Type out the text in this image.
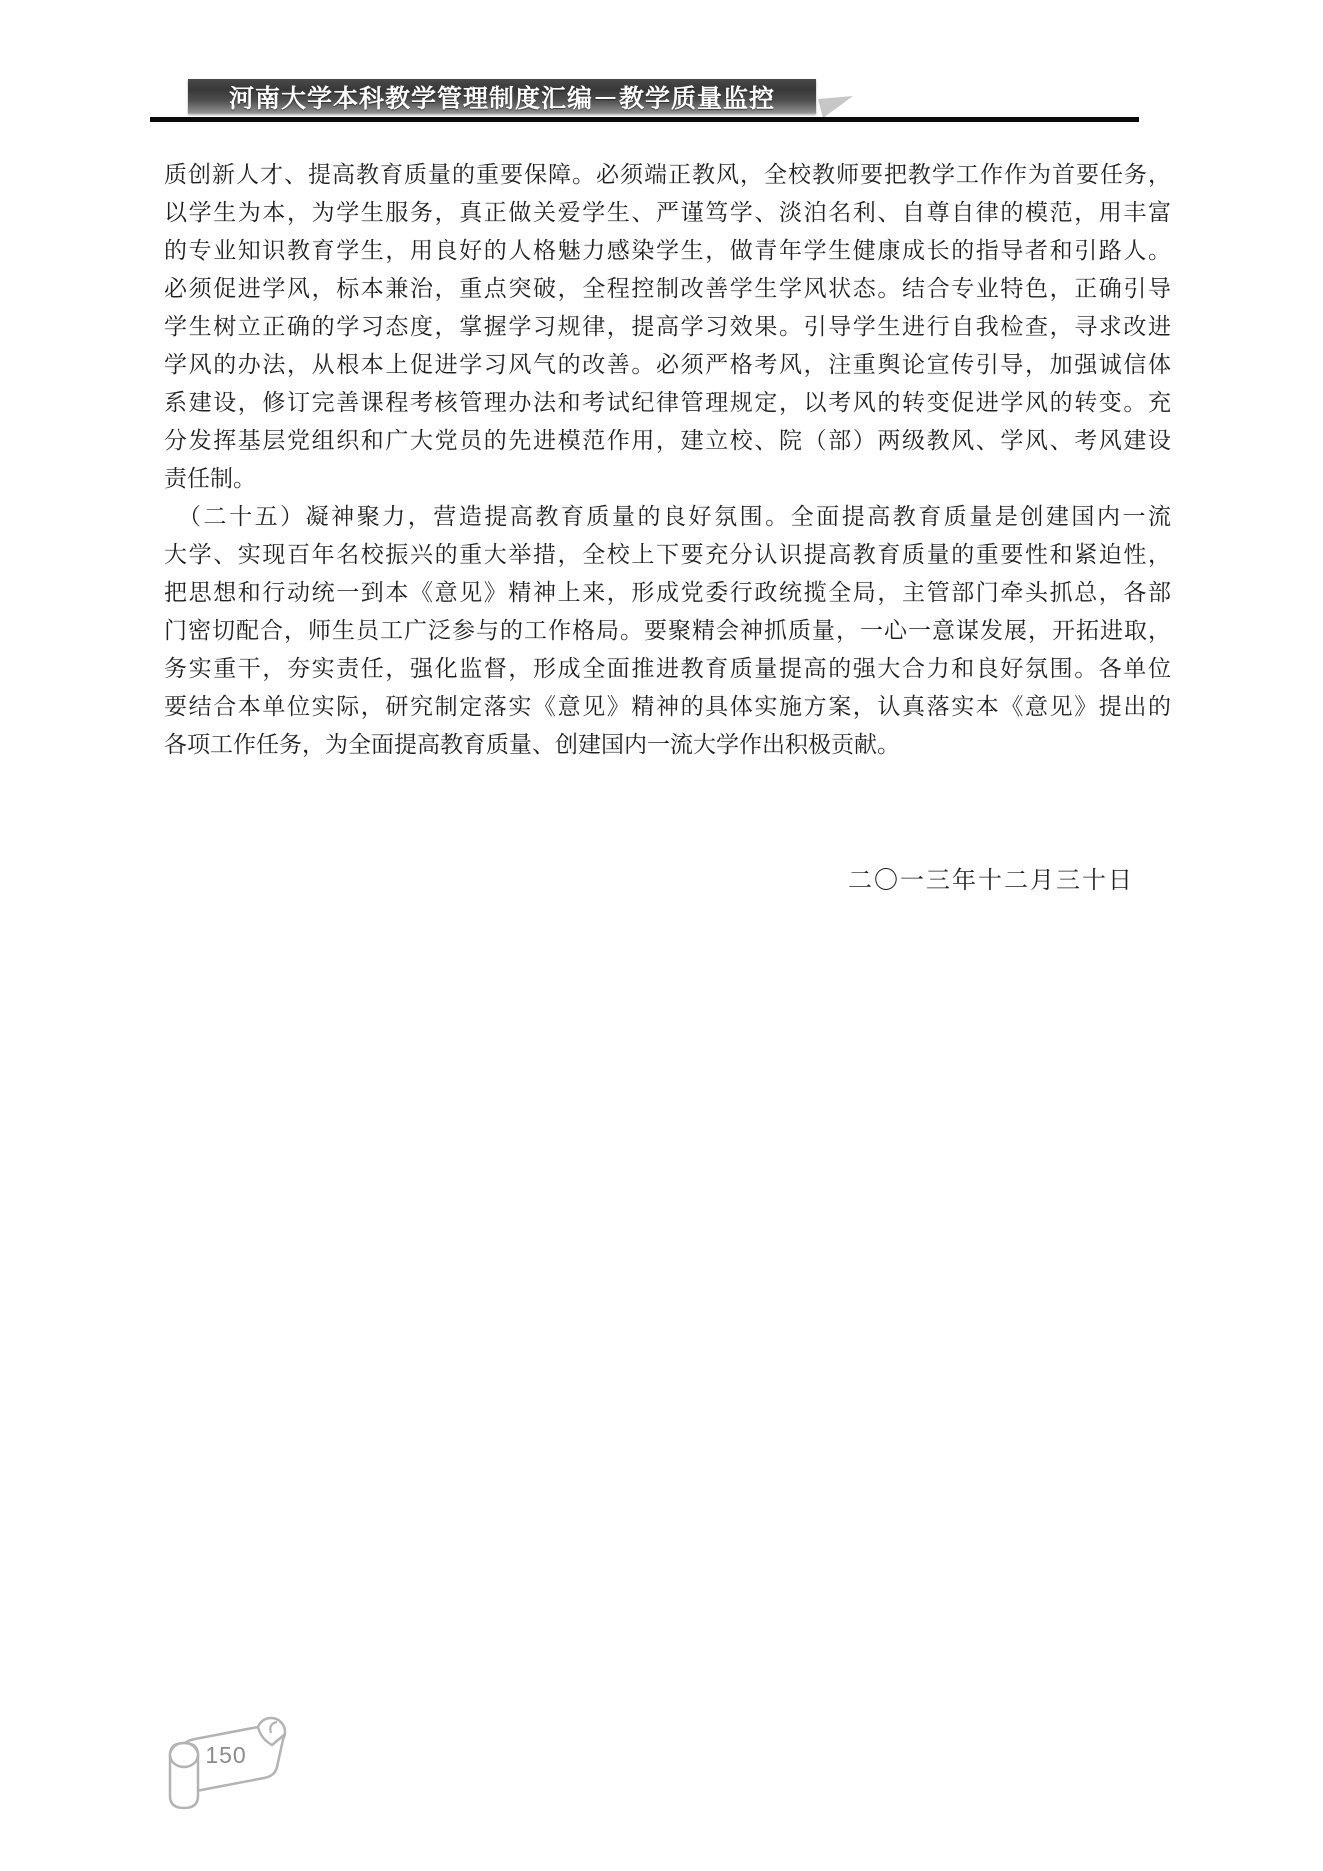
河南大学本科教学管理制度汇编－教学质量监控
质创新人才、提高教育质量的重要保障。必须端正教风，全校教师要把教学工作作为首要任务，
以学生为本，为学生服务，真正做关爱学生、严谨笃学、淡泊名利、自尊自律的模范，用丰富
的专业知识教育学生，用良好的人格魅力感染学生，做青年学生健康成长的指导者和引路人。
必须促进学风，标本兼治，重点突破，全程控制改善学生学风状态。结合专业特色，正确引导
学生树立正确的学习态度，掌握学习规律，提高学习效果。引导学生进行自我检查，寻求改进
学风的办法，从根本上促进学习风气的改善。必须严格考风，注重舆论宣传引导，加强诚信体
系建设，修订完善课程考核管理办法和考试纪律管理规定，以考风的转变促进学风的转变。充
分发挥基层党组织和广大党员的先进模范作用，建立校、院（部）两级教风、学风、考风建设
责任制。
　（二十五）凝神聚力，营造提高教育质量的良好氛围。全面提高教育质量是创建国内一流
大学、实现百年名校振兴的重大举措，全校上下要充分认识提高教育质量的重要性和紧迫性，
把思想和行动统一到本《意见》精神上来，形成党委行政统揽全局，主管部门牵头抓总，各部
门密切配合，师生员工广泛参与的工作格局。要聚精会神抓质量，一心一意谋发展，开拓进取，
务实重干，夯实责任，强化监督，形成全面推进教育质量提高的强大合力和良好氛围。各单位
要结合本单位实际，研究制定落实《意见》精神的具体实施方案，认真落实本《意见》提出的
各项工作任务，为全面提高教育质量、创建国内一流大学作出积极贡献。
二〇一三年十二月三十日
150
